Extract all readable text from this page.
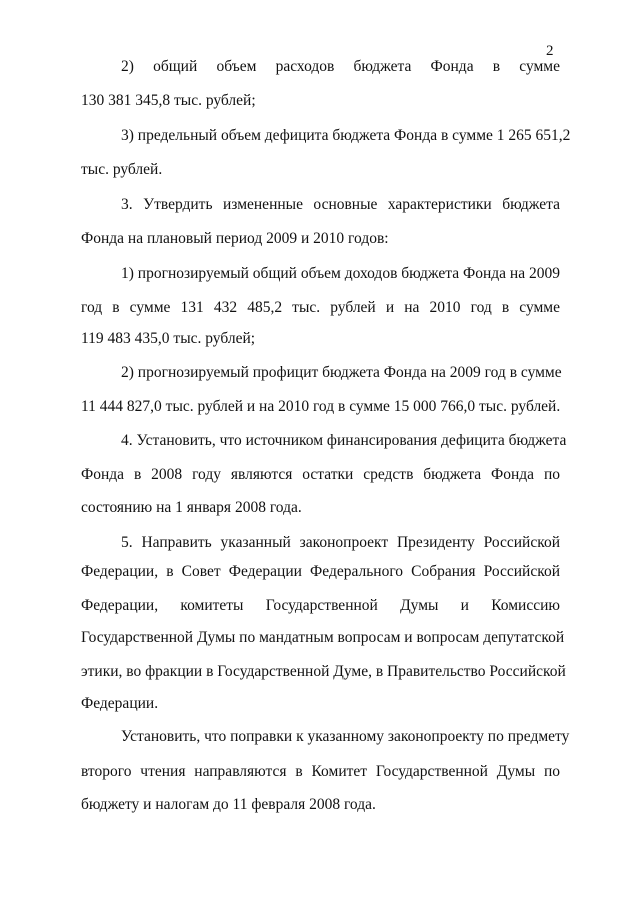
2
2) общий объем расходов бюджета Фонда в сумме
130 381 345,8 тыс. рублей;
3) предельный объем дефицита бюджета Фонда в сумме 1 265 651,2
тыс. рублей.
3. Утвердить измененные основные характеристики бюджета
Фонда на плановый период 2009 и 2010 годов:
1) прогнозируемый общий объем доходов бюджета Фонда на 2009
год в сумме 131 432 485,2 тыс. рублей и на 2010 год в сумме
119 483 435,0 тыс. рублей;
2) прогнозируемый профицит бюджета Фонда на 2009 год в сумме
11 444 827,0 тыс. рублей и на 2010 год в сумме 15 000 766,0 тыс. рублей.
4. Установить, что источником финансирования дефицита бюджета
Фонда в 2008 году являются остатки средств бюджета Фонда по
состоянию на 1 января 2008 года.
5. Направить указанный законопроект Президенту Российской
Федерации, в Совет Федерации Федерального Собрания Российской
Федерации, комитеты Государственной Думы и Комиссию
Государственной Думы по мандатным вопросам и вопросам депутатской
этики, во фракции в Государственной Думе, в Правительство Российской
Федерации.
Установить, что поправки к указанному законопроекту по предмету
второго чтения направляются в Комитет Государственной Думы по
бюджету и налогам до 11 февраля 2008 года.
